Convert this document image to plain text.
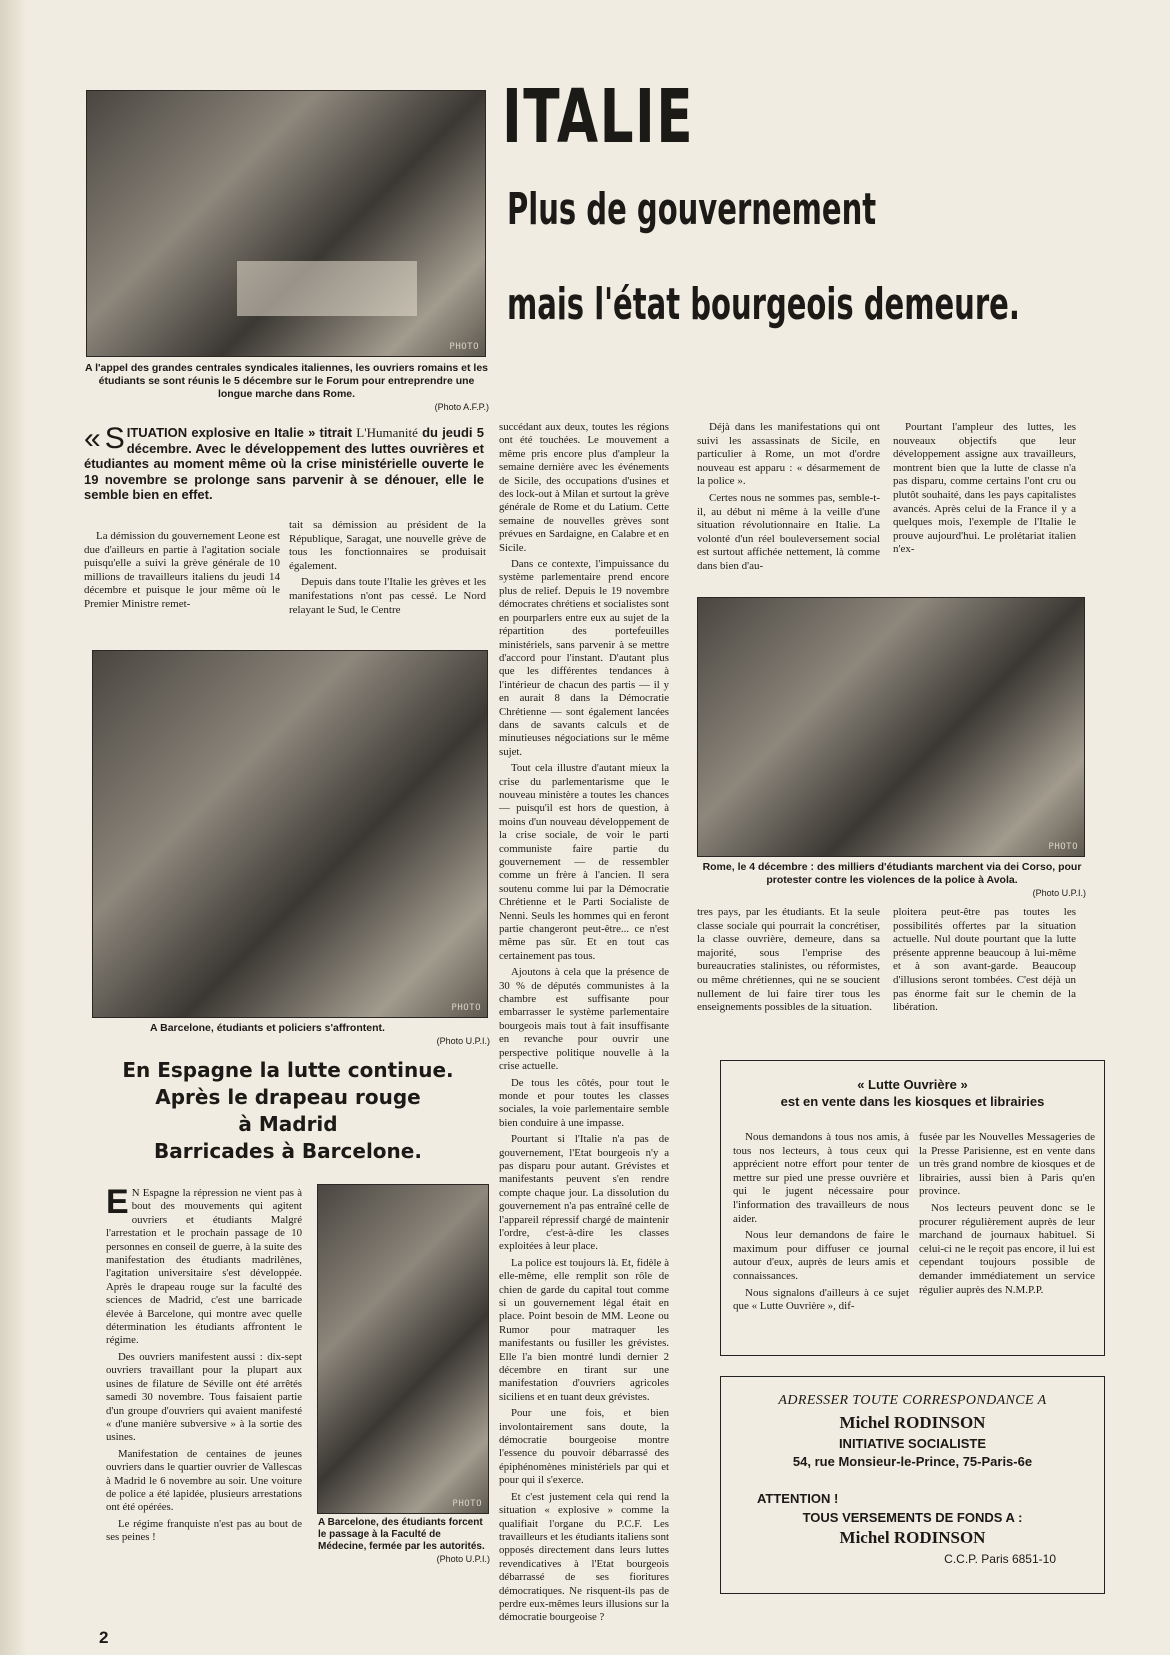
PHOTO
A l'appel des grandes centrales syndicales italiennes, les ouvriers romains et les étudiants se sont réunis le 5 décembre sur le Forum pour entreprendre une longue marche dans Rome.
(Photo A.F.P.)
ITALIE
Plus de gouvernement
mais l'état bourgeois demeure.
« S ITUATION explosive en Italie » titrait L'Humanité du jeudi 5 décembre. Avec le développement des luttes ouvrières et étudiantes au moment même où la crise ministérielle ouverte le 19 novembre se prolonge sans parvenir à se dénouer, elle le semble bien en effet.

La démission du gouvernement Leone est due d'ailleurs en partie à l'agitation sociale puisqu'elle a suivi la grève générale de 10 millions de travailleurs italiens du jeudi 14 décembre et puisque le jour même où le Premier Ministre remet-

tait sa démission au président de la République, Saragat, une nouvelle grève de tous les fonctionnaires se produisait également.

Depuis dans toute l'Italie les grèves et les manifestations n'ont pas cessé. Le Nord relayant le Sud, le Centre

succédant aux deux, toutes les régions ont été touchées. Le mouvement a même pris encore plus d'ampleur la semaine dernière avec les événements de Sicile, des occupations d'usines et des lock-out à Milan et surtout la grève générale de Rome et du Latium. Cette semaine de nouvelles grèves sont prévues en Sardaigne, en Calabre et en Sicile.

Dans ce contexte, l'impuissance du système parlementaire prend encore plus de relief. Depuis le 19 novembre démocrates chrétiens et socialistes sont en pourparlers entre eux au sujet de la répartition des portefeuilles ministériels, sans parvenir à se mettre d'accord pour l'instant. D'autant plus que les différentes tendances à l'intérieur de chacun des partis — il y en aurait 8 dans la Démocratie Chrétienne — sont également lancées dans de savants calculs et de minutieuses négociations sur le même sujet.

Tout cela illustre d'autant mieux la crise du parlementarisme que le nouveau ministère a toutes les chances — puisqu'il est hors de question, à moins d'un nouveau développement de la crise sociale, de voir le parti communiste faire partie du gouvernement — de ressembler comme un frère à l'ancien. Il sera soutenu comme lui par la Démocratie Chrétienne et le Parti Socialiste de Nenni. Seuls les hommes qui en feront partie changeront peut-être... ce n'est même pas sûr. Et en tout cas certainement pas tous.

Ajoutons à cela que la présence de 30 % de députés communistes à la chambre est suffisante pour embarrasser le système parlementaire bourgeois mais tout à fait insuffisante en revanche pour ouvrir une perspective politique nouvelle à la crise actuelle.

De tous les côtés, pour tout le monde et pour toutes les classes sociales, la voie parlementaire semble bien conduire à une impasse.

Pourtant si l'Italie n'a pas de gouvernement, l'Etat bourgeois n'y a pas disparu pour autant. Grévistes et manifestants peuvent s'en rendre compte chaque jour. La dissolution du gouvernement n'a pas entraîné celle de l'appareil répressif chargé de maintenir l'ordre, c'est-à-dire les classes exploitées à leur place.

La police est toujours là. Et, fidèle à elle-même, elle remplit son rôle de chien de garde du capital tout comme si un gouvernement légal était en place. Point besoin de MM. Leone ou Rumor pour matraquer les manifestants ou fusiller les grévistes. Elle l'a bien montré lundi dernier 2 décembre en tirant sur une manifestation d'ouvriers agricoles siciliens et en tuant deux grévistes.

Pour une fois, et bien involontairement sans doute, la démocratie bourgeoise montre l'essence du pouvoir débarrassé des épiphénomènes ministériels par qui et pour qui il s'exerce.

Et c'est justement cela qui rend la situation « explosive » comme la qualifiait l'organe du P.C.F. Les travailleurs et les étudiants italiens sont opposés directement dans leurs luttes revendicatives à l'Etat bourgeois débarrassé de ses fioritures démocratiques. Ne risquent-ils pas de perdre eux-mêmes leurs illusions sur la démocratie bourgeoise ?

Déjà dans les manifestations qui ont suivi les assassinats de Sicile, en particulier à Rome, un mot d'ordre nouveau est apparu : « désarmement de la police ».

Certes nous ne sommes pas, semble-t-il, au début ni même à la veille d'une situation révolutionnaire en Italie. La volonté d'un réel bouleversement social est surtout affichée nettement, là comme dans bien d'au-

Pourtant l'ampleur des luttes, les nouveaux objectifs que leur développement assigne aux travailleurs, montrent bien que la lutte de classe n'a pas disparu, comme certains l'ont cru ou plutôt souhaité, dans les pays capitalistes avancés. Après celui de la France il y a quelques mois, l'exemple de l'Italie le prouve aujourd'hui. Le prolétariat italien n'ex-

PHOTO
A Barcelone, étudiants et policiers s'affrontent.
(Photo U.P.I.)
PHOTO
Rome, le 4 décembre : des milliers d'étudiants marchent via dei Corso, pour protester contre les violences de la police à Avola.
(Photo U.P.I.)

tres pays, par les étudiants. Et la seule classe sociale qui pourrait la concrétiser, la classe ouvrière, demeure, dans sa majorité, sous l'emprise des bureaucraties stalinistes, ou réformistes, ou même chrétiennes, qui ne se soucient nullement de lui faire tirer tous les enseignements possibles de la situation.

ploitera peut-être pas toutes les possibilités offertes par la situation actuelle. Nul doute pourtant que la lutte présente apprenne beaucoup à lui-même et à son avant-garde. Beaucoup d'illusions seront tombées. C'est déjà un pas énorme fait sur le chemin de la libération.

En Espagne la lutte continue.
Après le drapeau rouge
à Madrid
Barricades à Barcelone.

E N Espagne la répression ne vient pas à bout des mouvements qui agitent ouvriers et étudiants Malgré l'arrestation et le prochain passage de 10 personnes en conseil de guerre, à la suite des manifestation des étudiants madrilènes, l'agitation universitaire s'est développée. Après le drapeau rouge sur la faculté des sciences de Madrid, c'est une barricade élevée à Barcelone, qui montre avec quelle détermination les étudiants affrontent le régime.

Des ouvriers manifestent aussi : dix-sept ouvriers travaillant pour la plupart aux usines de filature de Séville ont été arrêtés samedi 30 novembre. Tous faisaient partie d'un groupe d'ouvriers qui avaient manifesté « d'une manière subversive » à la sortie des usines.

Manifestation de centaines de jeunes ouvriers dans le quartier ouvrier de Vallescas à Madrid le 6 novembre au soir. Une voiture de police a été lapidée, plusieurs arrestations ont été opérées.

Le régime franquiste n'est pas au bout de ses peines !

PHOTO
A Barcelone, des étudiants forcent le passage à la Faculté de Médecine, fermée par les autorités.
(Photo U.P.I.)
« Lutte Ouvrière »
est en vente dans les kiosques et librairies

Nous demandons à tous nos amis, à tous nos lecteurs, à tous ceux qui apprécient notre effort pour tenter de mettre sur pied une presse ouvrière et qui le jugent nécessaire pour l'information des travailleurs de nous aider.

Nous leur demandons de faire le maximum pour diffuser ce journal autour d'eux, auprès de leurs amis et connaissances.

Nous signalons d'ailleurs à ce sujet que « Lutte Ouvrière », dif-

fusée par les Nouvelles Messageries de la Presse Parisienne, est en vente dans un très grand nombre de kiosques et de librairies, aussi bien à Paris qu'en province.

Nos lecteurs peuvent donc se le procurer régulièrement auprès de leur marchand de journaux habituel. Si celui-ci ne le reçoit pas encore, il lui est cependant toujours possible de demander immédiatement un service régulier auprès des N.M.P.P.

ADRESSER TOUTE CORRESPONDANCE A
Michel RODINSON
INITIATIVE SOCIALISTE
54, rue Monsieur-le-Prince, 75-Paris-6e
ATTENTION !
TOUS VERSEMENTS DE FONDS A :
Michel RODINSON
C.C.P. Paris 6851-10
2
